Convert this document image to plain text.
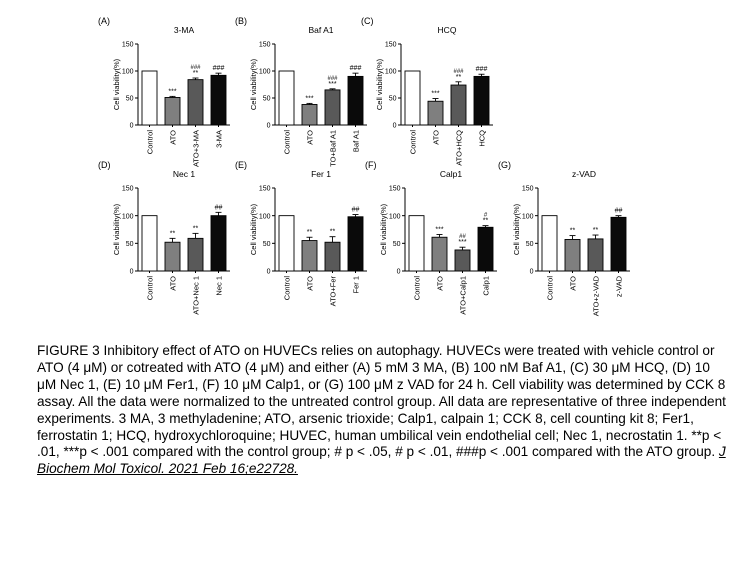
(A)
3-MA
Cell viability(%)
0
50
100
150
Control
***
ATO
**
###
ATO+3-MA
###
3-MA
(B)
Baf A1
Cell viability(%)
0
50
100
150
Control
***
ATO
***
###
TO+Baf A1
###
Baf A1
(C)
HCQ
Cell viability(%)
0
50
100
150
Control
***
ATO
**
###
ATO+HCQ
###
HCQ
(D)
Nec 1
Cell viability(%)
0
50
100
150
Control
**
ATO
**
ATO+Nec 1
##
Nec 1
(E)
Fer 1
Cell viability(%)
0
50
100
150
Control
**
ATO
**
ATO+Fer
##
Fer 1
(F)
Calp1
Cell viability(%)
0
50
100
150
Control
***
ATO
***
##
ATO+Calp1
**
#
Calp1
(G)
z-VAD
Cell viability(%)
0
50
100
150
Control
**
ATO
**
ATO+z-VAD
##
z-VAD
FIGURE 3 Inhibitory effect of ATO on HUVECs relies on autophagy. HUVECs were treated with vehicle control or ATO (4 μM) or cotreated with ATO (4 μM) and either (A) 5 mM 3 MA, (B) 100 nM Baf A1, (C) 30 μM HCQ, (D) 10 μM Nec 1, (E) 10 μM Fer1, (F) 10 μM Calp1, or (G) 100 μM z VAD for 24 h. Cell viability was determined by CCK 8 assay. All the data were normalized to the untreated control group. All data are representative of three independent experiments. 3 MA, 3 methyladenine; ATO, arsenic trioxide; Calp1, calpain 1; CCK 8, cell counting kit 8; Fer1, ferrostatin 1; HCQ, hydroxychloroquine; HUVEC, human umbilical vein endothelial cell; Nec 1, necrostatin 1. **p < .01, ***p < .001 compared with the control group; # p < .05, # p < .01, ###p < .001 compared with the ATO group. J Biochem Mol Toxicol. 2021 Feb 16;e22728.
